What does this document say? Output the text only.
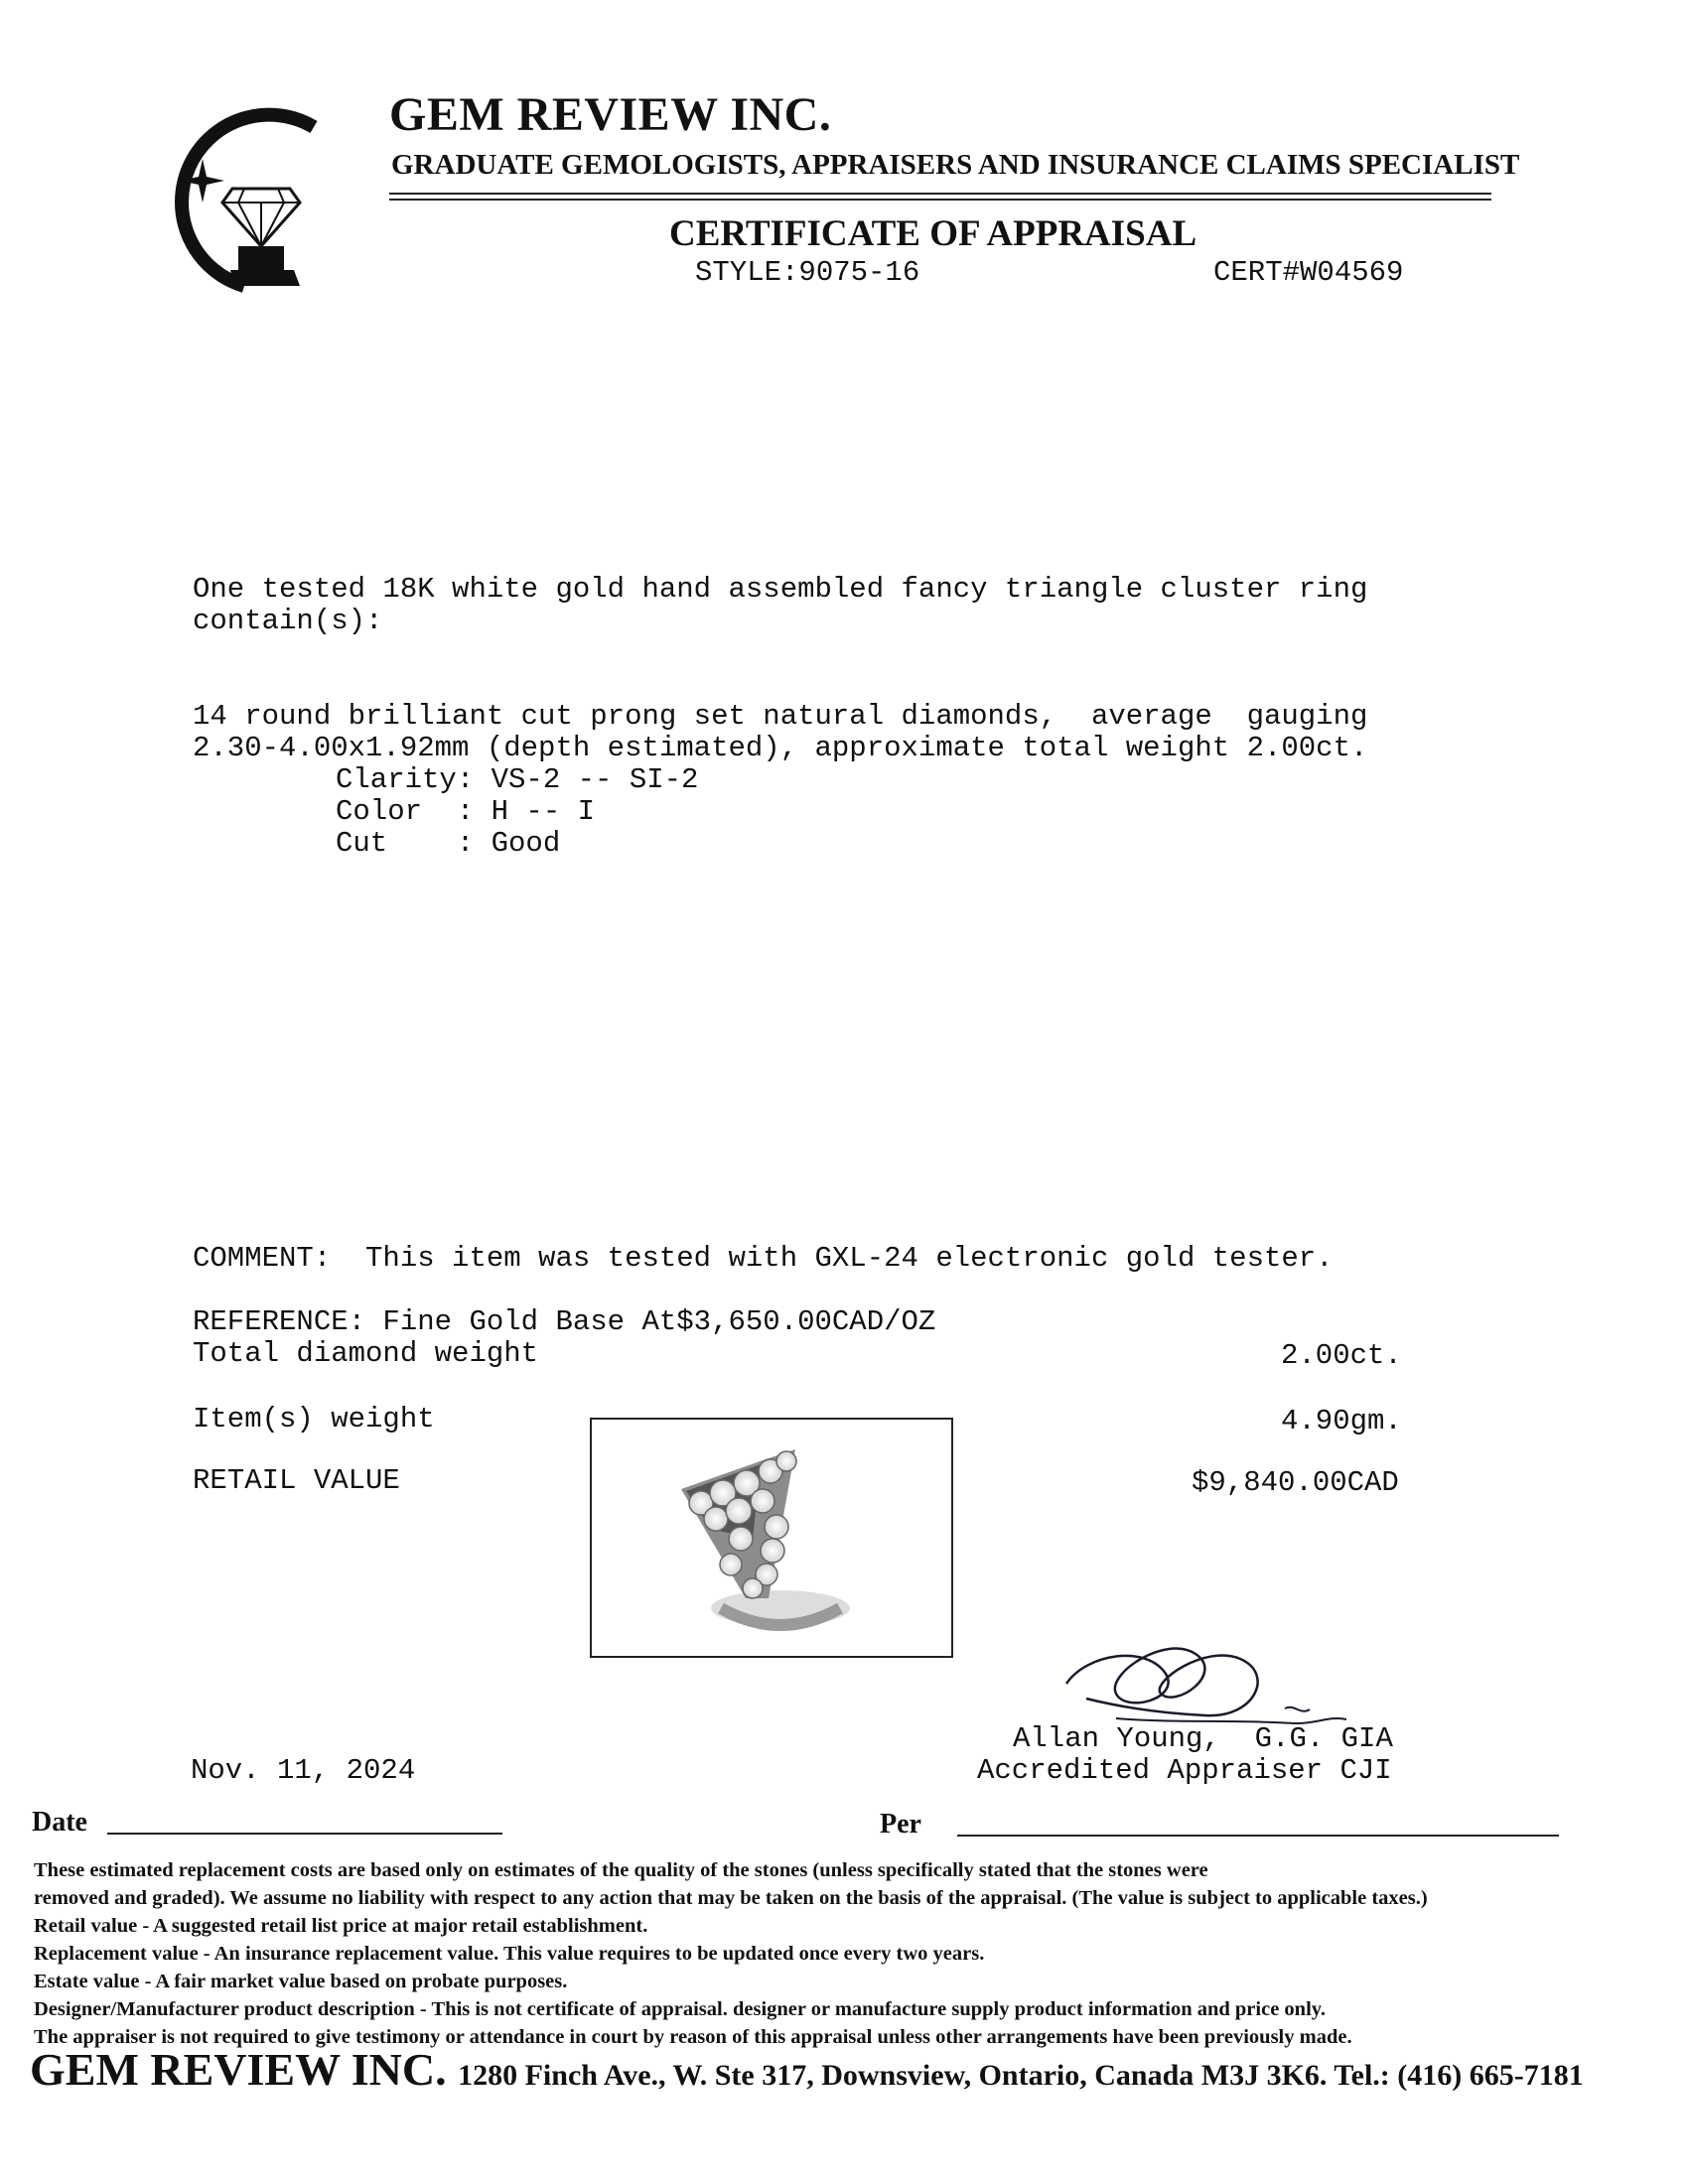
GEM REVIEW INC.
GRADUATE GEMOLOGISTS, APPRAISERS AND INSURANCE CLAIMS SPECIALIST
CERTIFICATE OF APPRAISAL
STYLE:9075-16	CERT#W04569
One tested 18K white gold hand assembled fancy triangle cluster ring
contain(s):
14 round brilliant cut prong set natural diamonds,  average  gauging
2.30-4.00x1.92mm (depth estimated), approximate total weight 2.00ct.
Clarity: VS-2 -- SI-2
Color  : H -- I
Cut    : Good
COMMENT:  This item was tested with GXL-24 electronic gold tester.
REFERENCE: Fine Gold Base At$3,650.00CAD/OZ
Total diamond weight	2.00ct.
Item(s) weight	4.90gm.
RETAIL VALUE	$9,840.00CAD
Allan Young,  G.G. GIA
Accredited Appraiser CJI
Nov. 11, 2024
Date	Per
These estimated replacement costs are based only on estimates of the quality of the stones (unless specifically stated that the stones were
removed and graded). We assume no liability with respect to any action that may be taken on the basis of the appraisal. (The value is subject to applicable taxes.)
Retail value - A suggested retail list price at major retail establishment.
Replacement value - An insurance replacement value. This value requires to be updated once every two years.
Estate value - A fair market value based on probate purposes.
Designer/Manufacturer product description - This is not certificate of appraisal. designer or manufacture supply product information and price only.
The appraiser is not required to give testimony or attendance in court by reason of this appraisal unless other arrangements have been previously made.
GEM REVIEW INC. 1280 Finch Ave., W. Ste 317, Downsview, Ontario, Canada M3J 3K6. Tel.: (416) 665-7181
